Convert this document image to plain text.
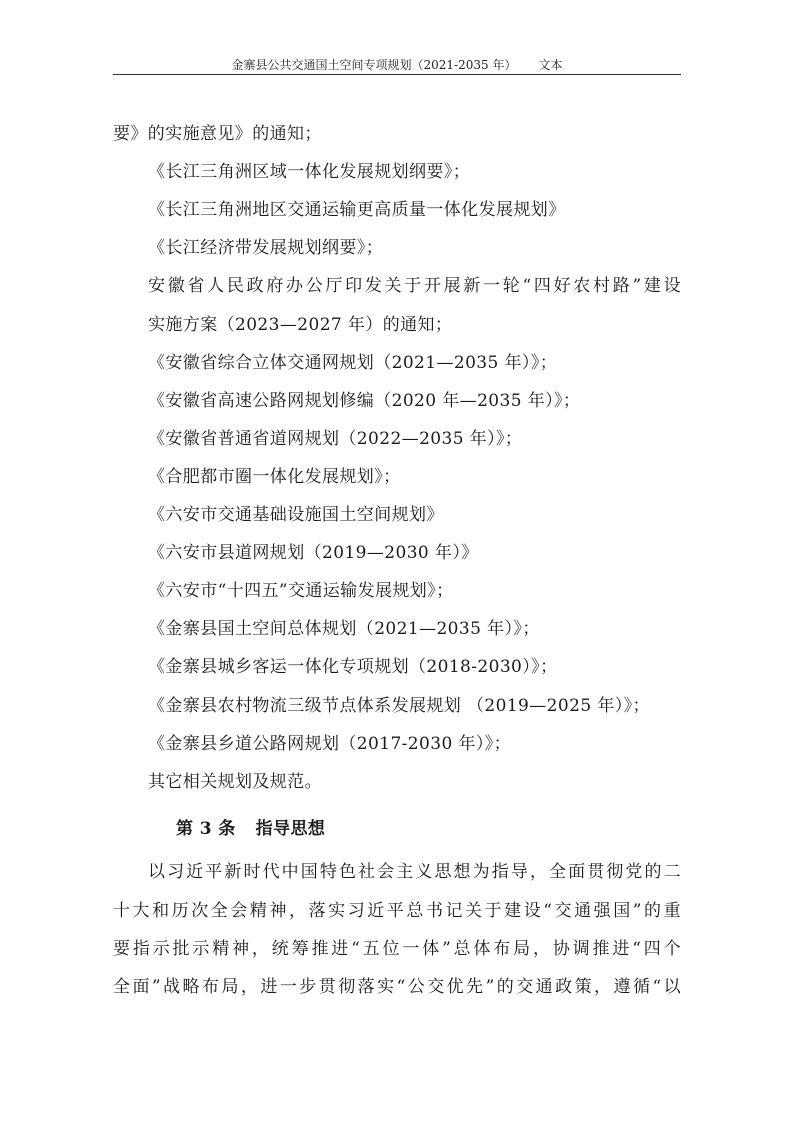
金寨县公共交通国土空间专项规划（2021-2035 年） 文本
要》的实施意见》的通知；
《长江三角洲区域一体化发展规划纲要》；
《长江三角洲地区交通运输更高质量一体化发展规划》
《长江经济带发展规划纲要》；
安徽省人民政府办公厅印发关于开展新一轮“四好农村路”建设
实施方案（2023—2027 年）的通知；
《安徽省综合立体交通网规划（2021—2035 年）》；
《安徽省高速公路网规划修编（2020 年—2035 年）》；
《安徽省普通省道网规划（2022—2035 年）》；
《合肥都市圈一体化发展规划》；
《六安市交通基础设施国土空间规划》
《六安市县道网规划（2019—2030 年）》
《六安市“十四五”交通运输发展规划》；
《金寨县国土空间总体规划（2021—2035 年）》；
《金寨县城乡客运一体化专项规划（2018-2030）》；
《金寨县农村物流三级节点体系发展规划 （2019—2025 年）》；
《金寨县乡道公路网规划（2017-2030 年）》；
其它相关规划及规范。
第 3 条 指导思想
以习近平新时代中国特色社会主义思想为指导，全面贯彻党的二
十大和历次全会精神，落实习近平总书记关于建设“交通强国”的重
要指示批示精神，统筹推进“五位一体”总体布局，协调推进“四个
全面”战略布局，进一步贯彻落实“公交优先”的交通政策，遵循“以
